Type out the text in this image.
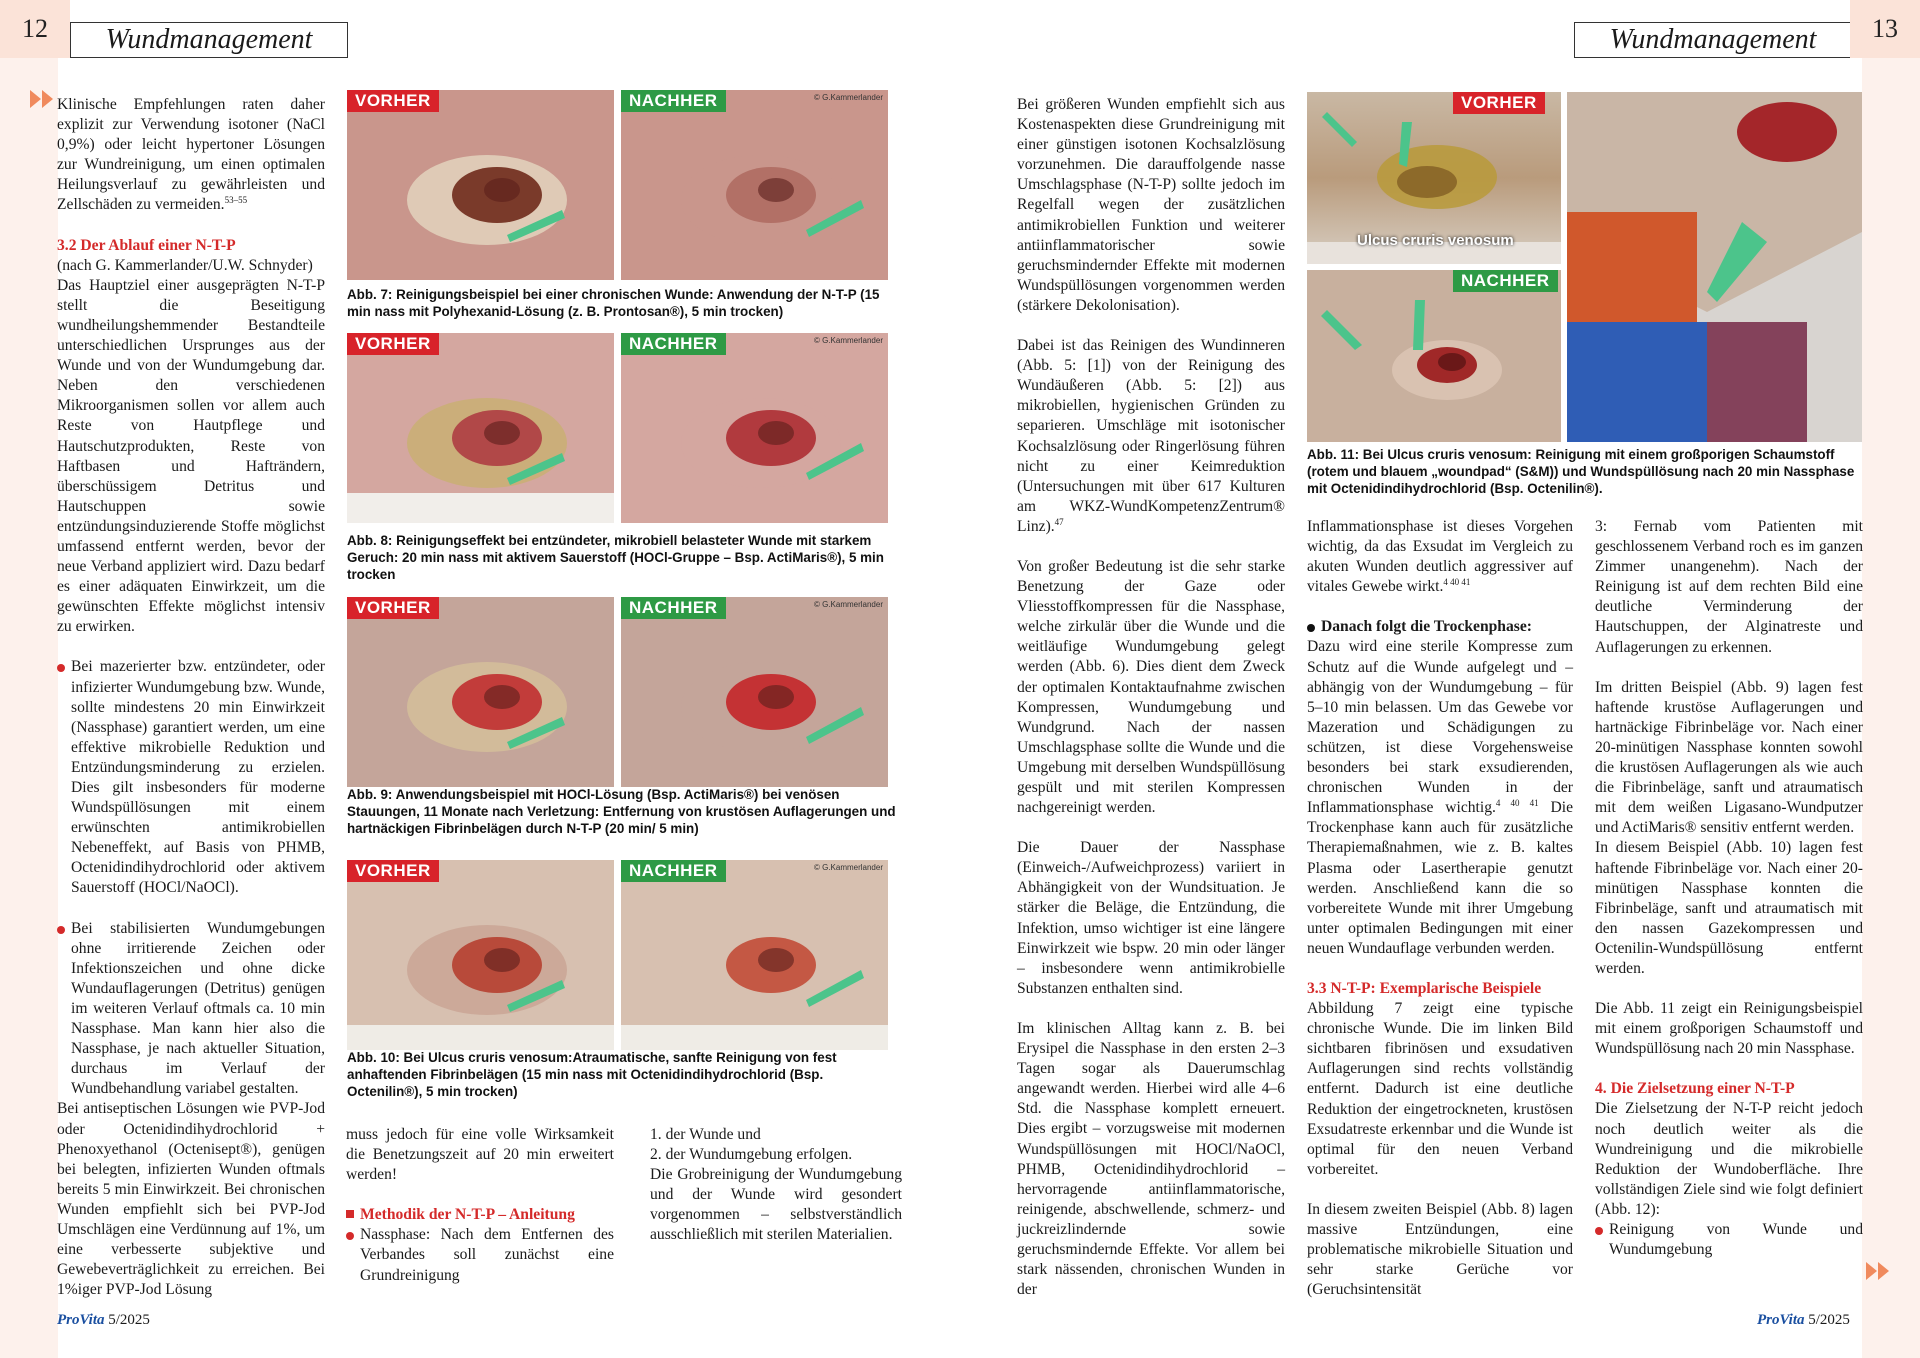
12	Wundmanagement	Wundmanagement	13

Klinische Empfehlungen raten daher explizit zur Verwendung isotoner (NaCl 0,9%) oder leicht hypertoner Lösungen zur Wundreinigung, um einen optimalen Heilungsverlauf zu gewährleisten und Zellschäden zu vermeiden.$^{53-55}$

3.2 Der Ablauf einer N-T-P

(nach G. Kammerlander/U.W. Schnyder)

Das Hauptziel einer ausgeprägten N-T-P stellt die Beseitigung wundheilungshemmender Bestandteile unterschiedlichen Ursprunges aus der Wunde und von der Wundumgebung dar. Neben den verschiedenen Mikroorganismen sollen vor allem auch Reste von Hautpflege und Hautschutzprodukten, Reste von Haftbasen und Hafträndern, überschüssigem Detritus und Hautschuppen sowie entzündungsinduzierende Stoffe möglichst umfassend entfernt werden, bevor der neue Verband appliziert wird. Dazu bedarf es einer adäquaten Einwirkzeit, um die gewünschten Effekte möglichst intensiv zu erwirken.

Bei mazerierter bzw. entzündeter, oder infizierter Wundumgebung bzw. Wunde, sollte mindestens 20 min Einwirkzeit (Nassphase) garantiert werden, um eine effektive mikrobielle Reduktion und Entzündungsminderung zu erzielen. Dies gilt insbesonders für moderne Wundspüllösungen mit einem erwünschten antimikrobiellen Nebeneffekt, auf Basis von PHMB, Octenidindihydrochlorid oder aktivem Sauerstoff (HOCl/NaOCl).

Bei stabilisierten Wundumgebungen ohne irritierende Zeichen oder Infektionszeichen und ohne dicke Wundauflagerungen (Detritus) genügen im weiteren Verlauf oftmals ca. 10 min Nassphase. Man kann hier also die Nassphase, je nach aktueller Situation, durchaus im Verlauf der Wundbehandlung variabel gestalten.

Bei antiseptischen Lösungen wie PVP-Jod oder Octenidindihydrochlorid + Phenoxyethanol (Octenisept®), genügen bei belegten, infizierten Wunden oftmals bereits 5 min Einwirkzeit. Bei chronischen Wunden empfiehlt sich bei PVP-Jod Umschlägen eine Verdünnung auf 1%, um eine verbesserte subjektive und Gewebeverträglichkeit zu erreichen. Bei 1%iger PVP-Jod Lösung

VORHER	NACHHER	© G.Kammerlander
Abb. 7: Reinigungsbeispiel bei einer chronischen Wunde: Anwendung der N-T-P (15 min nass mit Polyhexanid-Lösung (z. B. Prontosan®), 5 min trocken)
VORHER	NACHHER	© G.Kammerlander
Abb. 8: Reinigungseffekt bei entzündeter, mikrobiell belasteter Wunde mit starkem Geruch: 20 min nass mit aktivem Sauerstoff (HOCl-Gruppe – Bsp. ActiMaris®), 5 min trocken
VORHER	NACHHER	© G.Kammerlander
Abb. 9: Anwendungsbeispiel mit HOCl-Lösung (Bsp. ActiMaris®) bei venösen Stauungen, 11 Monate nach Verletzung: Entfernung von krustösen Auflagerungen und hartnäckigen Fibrinbelägen durch N-T-P (20 min/ 5 min)
VORHER	NACHHER	© G.Kammerlander
Abb. 10: Bei Ulcus cruris venosum:Atraumatische, sanfte Reinigung von fest anhaftenden Fibrinbelägen (15 min nass mit Octenidindihydrochlorid (Bsp. Octenilin®), 5 min trocken)

muss jedoch für eine volle Wirksamkeit die Benetzungszeit auf 20 min erweitert werden!

Methodik der N-T-P – Anleitung

Nassphase: Nach dem Entfernen des Verbandes soll zunächst eine Grundreinigung

1. der Wunde und

2. der Wundumgebung erfolgen.

Die Grobreinigung der Wundumgebung und der Wunde wird gesondert vorgenommen – selbstverständlich ausschließlich mit sterilen Materialien.

ProVita 5/2025

Bei größeren Wunden empfiehlt sich aus Kostenaspekten diese Grundreinigung mit einer günstigen isotonen Kochsalzlösung vorzunehmen. Die darauffolgende nasse Umschlagsphase (N-T-P) sollte jedoch im Regelfall wegen der zusätzlichen antimikrobiellen Funktion und weiterer antiinflammatorischer sowie geruchsmindernder Effekte mit modernen Wundspüllösungen vorgenommen werden (stärkere Dekolonisation).

Dabei ist das Reinigen des Wundinneren (Abb. 5: [1]) von der Reinigung des Wundäußeren (Abb. 5: [2]) aus mikrobiellen, hygienischen Gründen zu separieren. Umschläge mit isotonischer Kochsalzlösung oder Ringerlösung führen nicht zu einer Keimreduktion (Untersuchungen mit über 617 Kulturen am WKZ-WundKompetenzZentrum® Linz).$^{47}$

Von großer Bedeutung ist die sehr starke Benetzung der Gaze oder Vliesstoffkompressen für die Nassphase, welche zirkulär über die Wunde und die weitläufige Wundumgebung gelegt werden (Abb. 6). Dies dient dem Zweck der optimalen Kontaktaufnahme zwischen Kompressen, Wundumgebung und Wundgrund. Nach der nassen Umschlagsphase sollte die Wunde und die Umgebung mit derselben Wundspüllösung gespült und mit sterilen Kompressen nachgereinigt werden.

Die Dauer der Nassphase (Einweich-/Aufweichprozess) variiert in Abhängigkeit von der Wundsituation. Je stärker die Beläge, die Entzündung, die Infektion, umso wichtiger ist eine längere Einwirkzeit wie bspw. 20 min oder länger – insbesondere wenn antimikrobielle Substanzen enthalten sind.

Im klinischen Alltag kann z. B. bei Erysipel die Nassphase in den ersten 2–3 Tagen sogar als Dauerumschlag angewandt werden. Hierbei wird alle 4–6 Std. die Nassphase komplett erneuert. Dies ergibt – vorzugsweise mit modernen Wundspüllösungen mit HOCl/NaOCl, PHMB, Octenidindihydrochlorid – hervorragende antiinflammatorische, reinigende, abschwellende, schmerz- und juckreizlindernde sowie geruchsmindernde Effekte. Vor allem bei stark nässenden, chronischen Wunden in der

VORHER
Ulcus cruris venosum
NACHHER
Abb. 11: Bei Ulcus cruris venosum: Reinigung mit einem großporigen Schaumstoff (rotem und blauem „woundpad“ (S&M)) und Wundspüllösung nach 20 min Nassphase mit Octenidindihydrochlorid (Bsp. Octenilin®).

Inflammationsphase ist dieses Vorgehen wichtig, da das Exsudat im Vergleich zu akuten Wunden deutlich aggressiver auf vitales Gewebe wirkt.$^{4 40 41}$

Danach folgt die Trockenphase:

Dazu wird eine sterile Kompresse zum Schutz auf die Wunde aufgelegt und – abhängig von der Wundumgebung – für 5–10 min belassen. Um das Gewebe vor Mazeration und Schädigungen zu schützen, ist diese Vorgehensweise besonders bei stark exsudierenden, chronischen Wunden in der Inflammationsphase wichtig.$^{4 40 41}$ Die Trockenphase kann auch für zusätzliche Therapiemaßnahmen, wie z. B. kaltes Plasma oder Lasertherapie genutzt werden. Anschließend kann die so vorbereitete Wunde mit ihrer Umgebung unter optimalen Bedingungen mit einer neuen Wundauflage verbunden werden.

3.3 N-T-P: Exemplarische Beispiele

Abbildung 7 zeigt eine typische chronische Wunde. Die im linken Bild sichtbaren fibrinösen und exsudativen Auflagerungen sind rechts vollständig entfernt. Dadurch ist eine deutliche Reduktion der eingetrockneten, krustösen Exsudatreste erkennbar und die Wunde ist optimal für den neuen Verband vorbereitet.

In diesem zweiten Beispiel (Abb. 8) lagen massive Entzündungen, eine problematische mikrobielle Situation und sehr starke Gerüche vor (Geruchsintensität

3: Fernab vom Patienten mit geschlossenem Verband roch es im ganzen Zimmer unangenehm). Nach der Reinigung ist auf dem rechten Bild eine deutliche Verminderung der Hautschuppen, der Alginatreste und Auflagerungen zu erkennen.

Im dritten Beispiel (Abb. 9) lagen fest haftende krustöse Auflagerungen und hartnäckige Fibrinbeläge vor. Nach einer 20-minütigen Nassphase konnten sowohl die krustösen Auflagerungen als wie auch die Fibrinbeläge, sanft und atraumatisch mit dem weißen Ligasano-Wundputzer und ActiMaris® sensitiv entfernt werden.

In diesem Beispiel (Abb. 10) lagen fest haftende Fibrinbeläge vor. Nach einer 20-minütigen Nassphase konnten die Fibrinbeläge, sanft und atraumatisch mit den nassen Gazekompressen und Octenilin-Wundspüllösung entfernt werden.

Die Abb. 11 zeigt ein Reinigungsbeispiel mit einem großporigen Schaumstoff und Wundspüllösung nach 20 min Nassphase.

4. Die Zielsetzung einer N-T-P

Die Zielsetzung der N-T-P reicht jedoch noch deutlich weiter als die Wundreinigung und die mikrobielle Reduktion der Wundoberfläche. Ihre vollständigen Ziele sind wie folgt definiert (Abb. 12):

Reinigung von Wunde und Wundumgebung

ProVita 5/2025
